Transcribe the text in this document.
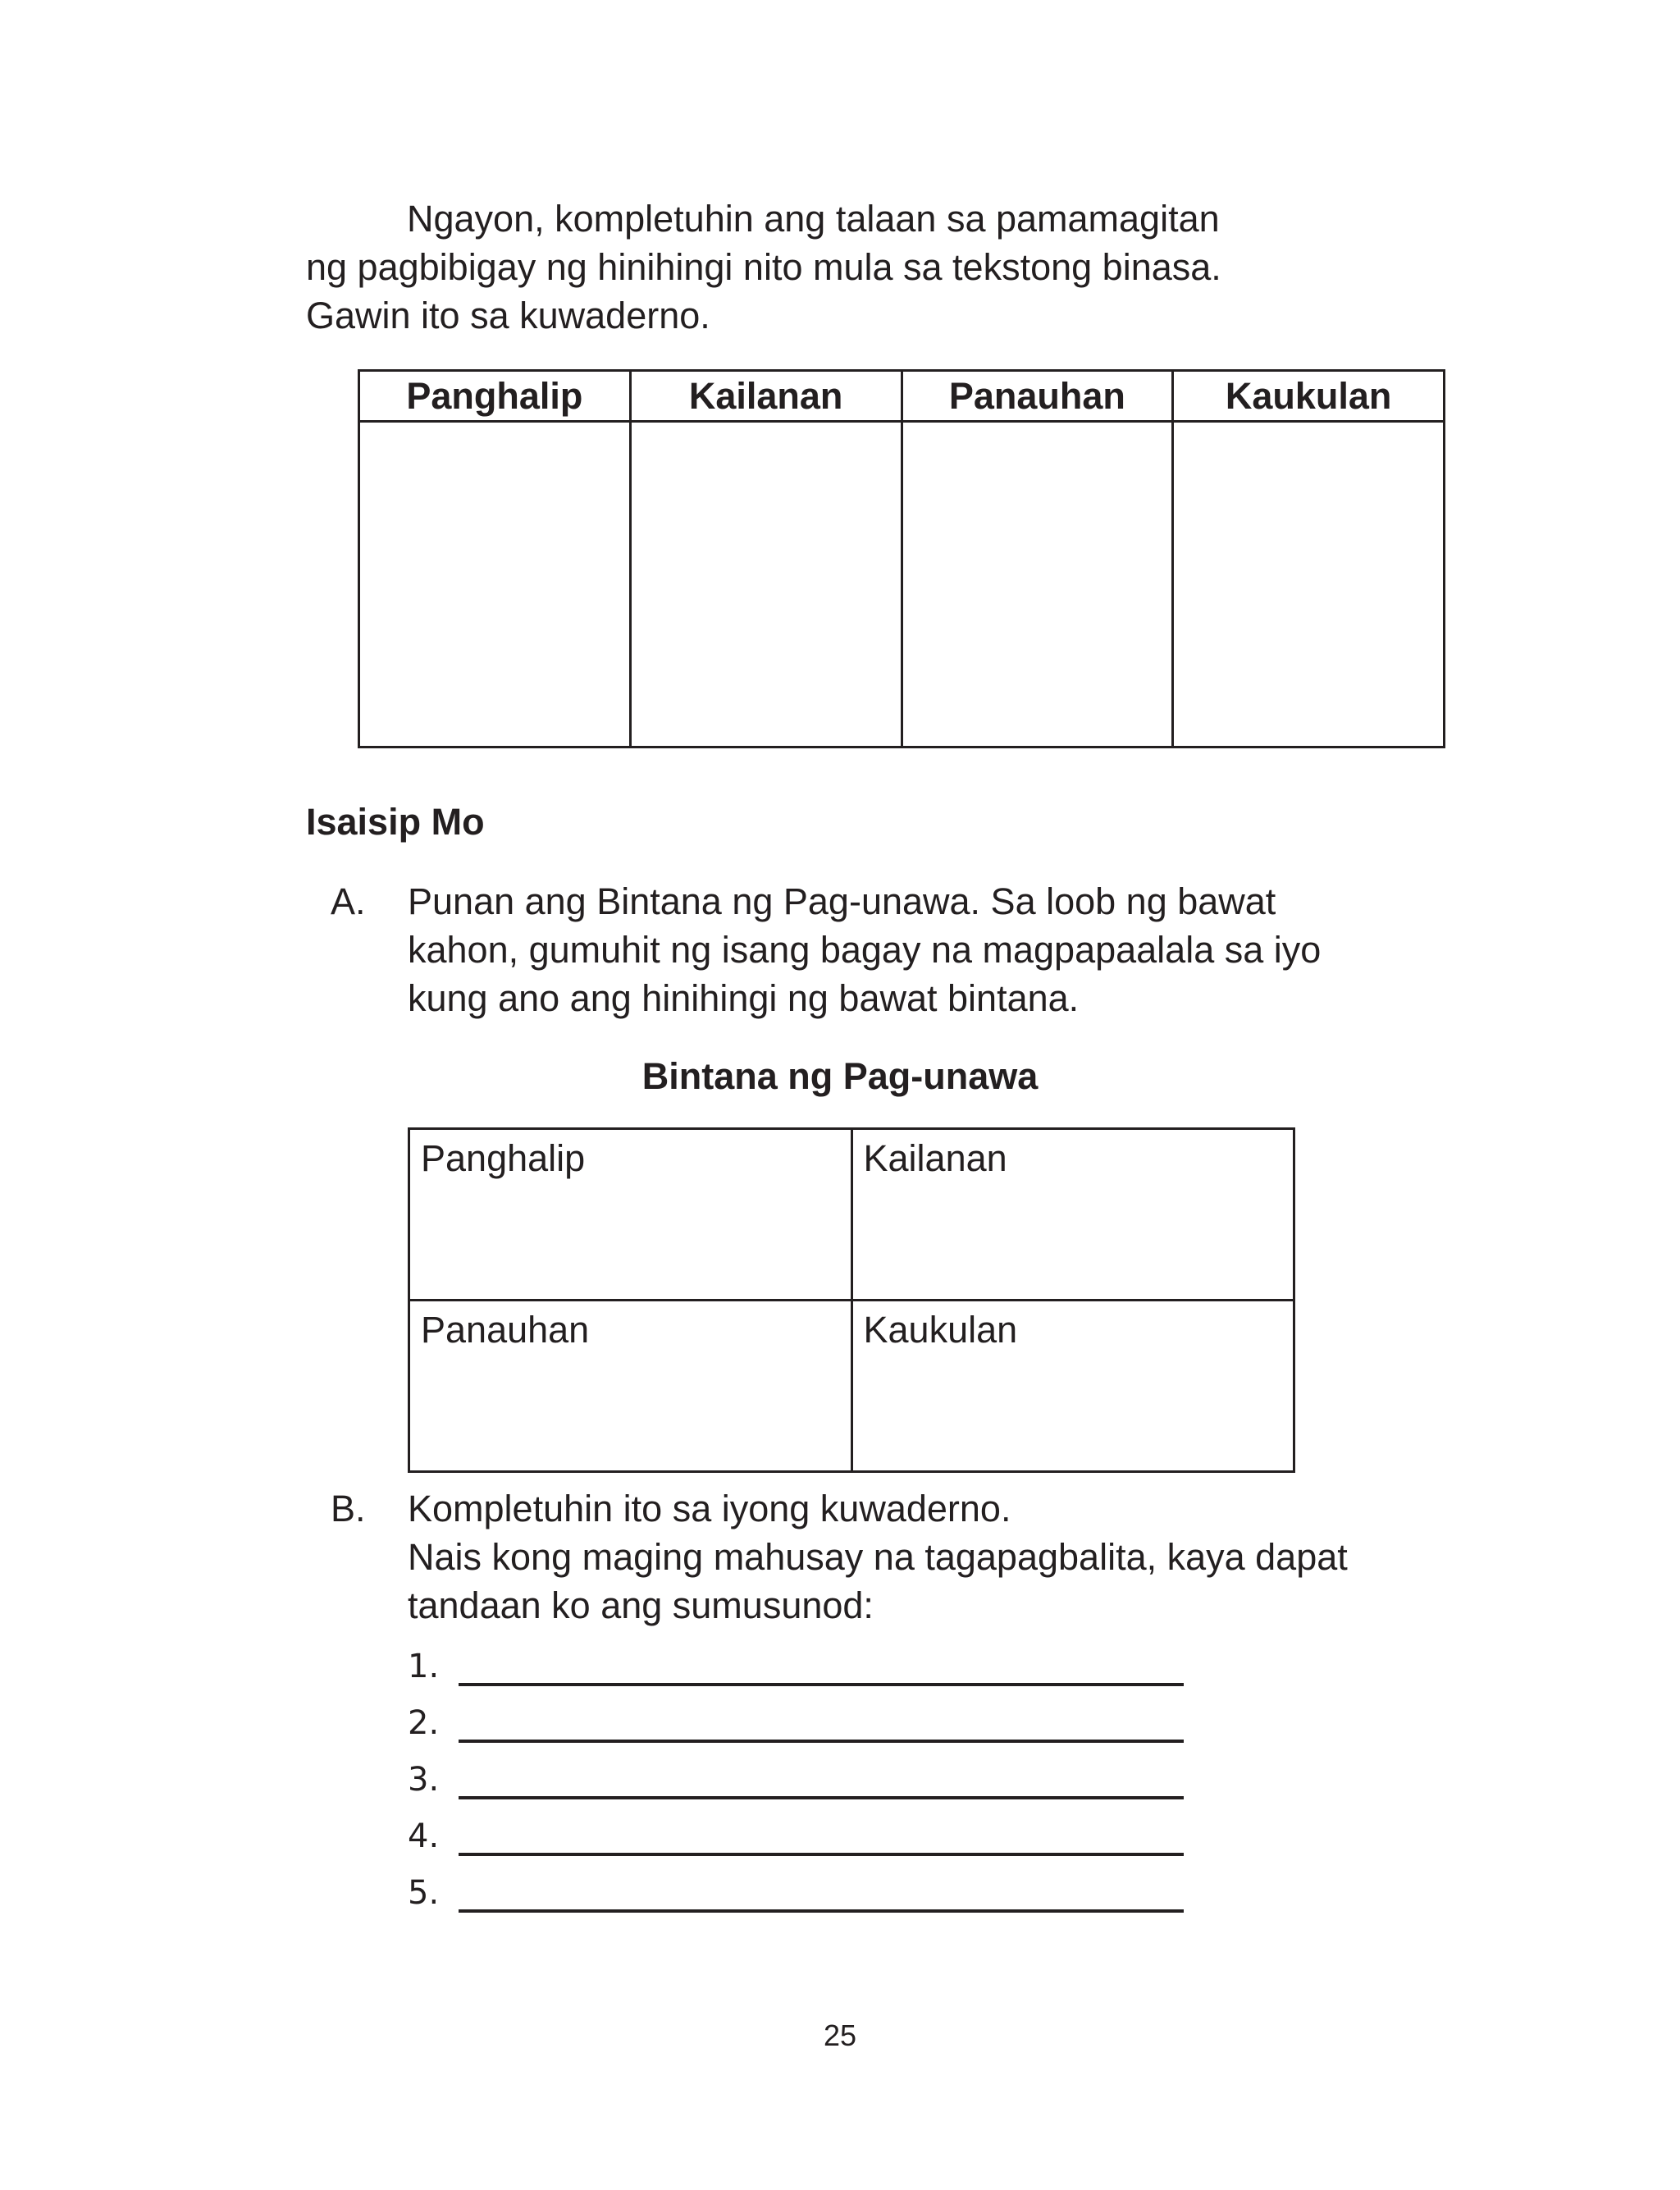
Ngayon, kompletuhin ang talaan sa pamamagitan
ng pagbibigay ng hinihingi nito mula sa tekstong binasa.
Gawin ito sa kuwaderno.
Panghalip	Kailanan	Panauhan	Kaukulan

Isaisip Mo
A. Punan ang Bintana ng Pag-unawa. Sa loob ng bawat
kahon, gumuhit ng isang bagay na magpapaalala sa iyo
kung ano ang hinihingi ng bawat bintana.
Bintana ng Pag-unawa
Panghalip	Kailanan
Panauhan	Kaukulan
B. Kompletuhin ito sa iyong kuwaderno.
Nais kong maging mahusay na tagapagbalita, kaya dapat
tandaan ko ang sumusunod:
1.
2.
3.
4.
5.
25
